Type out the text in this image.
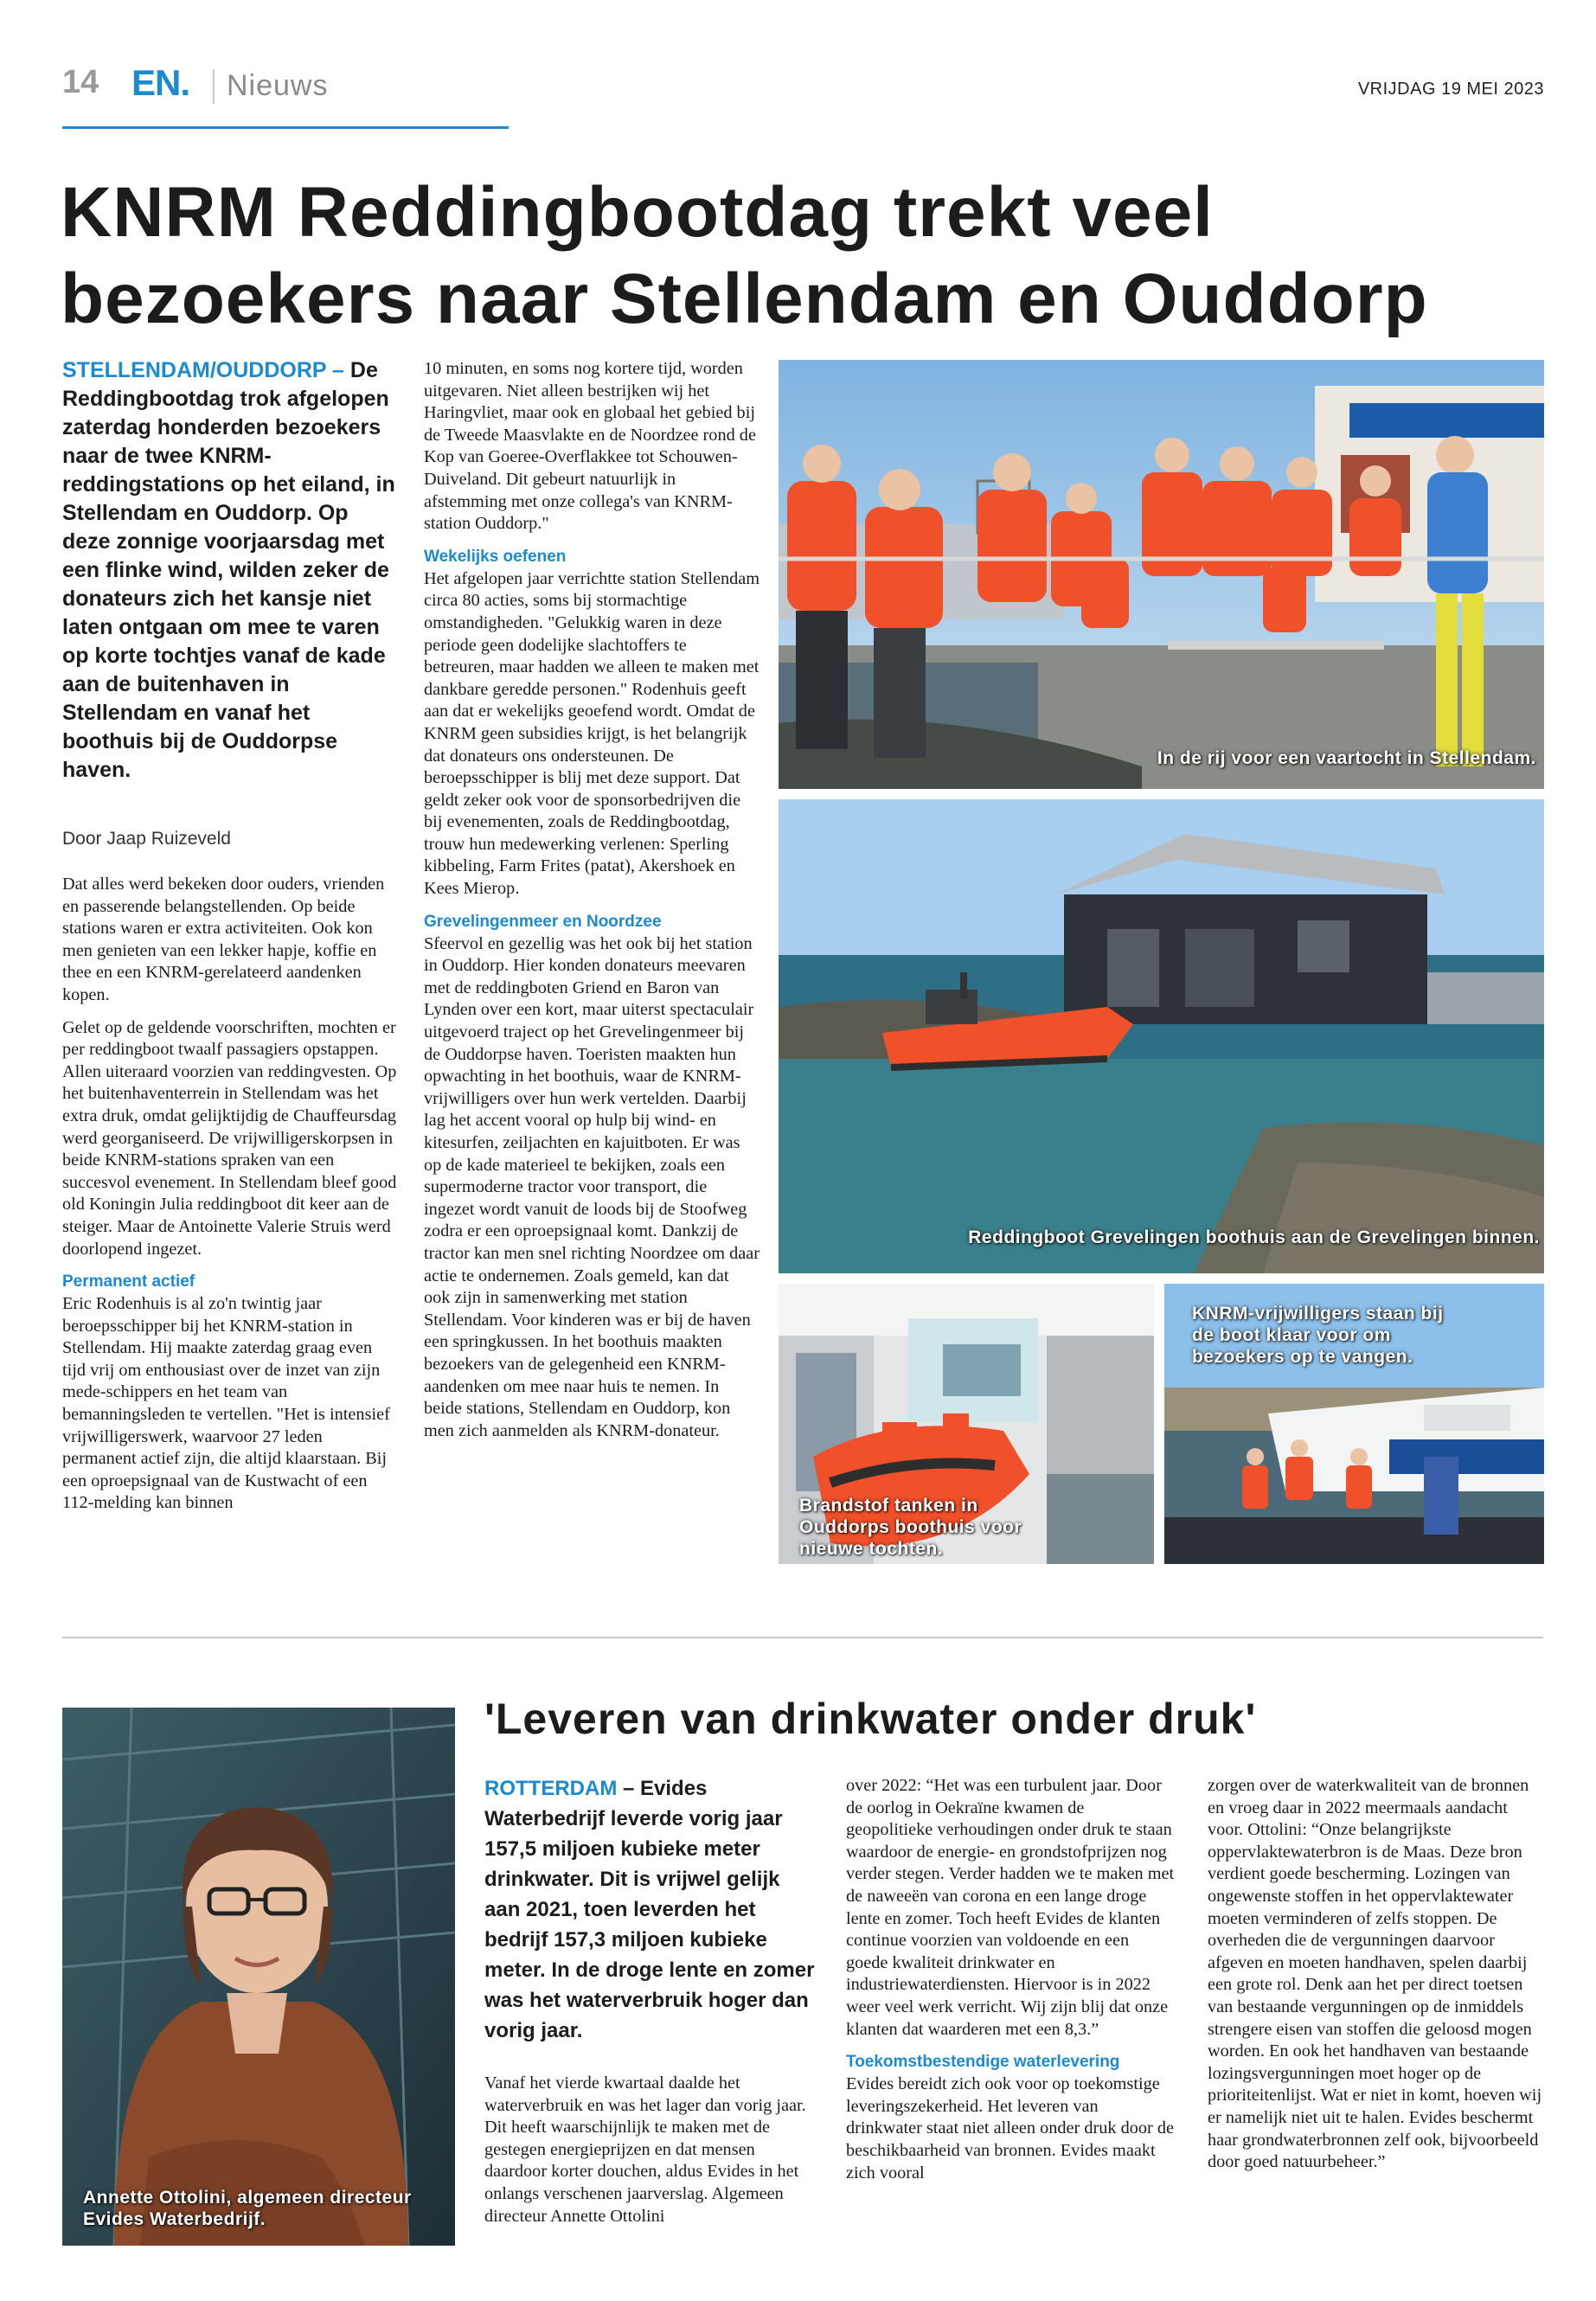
14 EN. Nieuws	VRIJDAG 19 MEI 2023
KNRM Reddingbootdag trekt veel bezoekers naar Stellendam en Ouddorp
STELLENDAM/OUDDORP – De Reddingbootdag trok afgelopen zaterdag honderden bezoekers naar de twee KNRM-reddingstations op het eiland, in Stellendam en Ouddorp. Op deze zonnige voorjaarsdag met een flinke wind, wilden zeker de donateurs zich het kansje niet laten ontgaan om mee te varen op korte tochtjes vanaf de kade aan de buitenhaven in Stellendam en vanaf het boothuis bij de Ouddorpse haven.
Door Jaap Ruizeveld

Dat alles werd bekeken door ouders, vrienden en passerende belangstellenden. Op beide stations waren er extra activiteiten. Ook kon men genieten van een lekker hapje, koffie en thee en een KNRM-gerelateerd aandenken kopen.

Gelet op de geldende voorschriften, mochten er per reddingboot twaalf passagiers opstappen. Allen uiteraard voorzien van reddingvesten. Op het buitenhaventerrein in Stellendam was het extra druk, omdat gelijktijdig de Chauffeursdag werd georganiseerd. De vrijwilligerskorpsen in beide KNRM-stations spraken van een succesvol evenement. In Stellendam bleef good old Koningin Julia reddingboot dit keer aan de steiger. Maar de Antoinette Valerie Struis werd doorlopend ingezet.

Permanent actief

Eric Rodenhuis is al zo'n twintig jaar beroepsschipper bij het KNRM-station in Stellendam. Hij maakte zaterdag graag even tijd vrij om enthousiast over de inzet van zijn mede-schippers en het team van bemanningsleden te vertellen. "Het is intensief vrijwilligerswerk, waarvoor 27 leden permanent actief zijn, die altijd klaarstaan. Bij een oproepsignaal van de Kustwacht of een 112-melding kan binnen

10 minuten, en soms nog kortere tijd, worden uitgevaren. Niet alleen bestrijken wij het Haringvliet, maar ook en globaal het gebied bij de Tweede Maasvlakte en de Noordzee rond de Kop van Goeree-Overflakkee tot Schouwen-Duiveland. Dit gebeurt natuurlijk in afstemming met onze collega's van KNRM-station Ouddorp."

Wekelijks oefenen

Het afgelopen jaar verrichtte station Stellendam circa 80 acties, soms bij stormachtige omstandigheden. "Gelukkig waren in deze periode geen dodelijke slachtoffers te betreuren, maar hadden we alleen te maken met dankbare geredde personen." Rodenhuis geeft aan dat er wekelijks geoefend wordt. Omdat de KNRM geen subsidies krijgt, is het belangrijk dat donateurs ons ondersteunen. De beroepsschipper is blij met deze support. Dat geldt zeker ook voor de sponsorbedrijven die bij evenementen, zoals de Reddingbootdag, trouw hun medewerking verlenen: Sperling kibbeling, Farm Frites (patat), Akershoek en Kees Mierop.

Grevelingenmeer en Noordzee

Sfeervol en gezellig was het ook bij het station in Ouddorp. Hier konden donateurs meevaren met de reddingboten Griend en Baron van Lynden over een kort, maar uiterst spectaculair uitgevoerd traject op het Grevelingenmeer bij de Ouddorpse haven. Toeristen maakten hun opwachting in het boothuis, waar de KNRM-vrijwilligers over hun werk vertelden. Daarbij lag het accent vooral op hulp bij wind- en kitesurfen, zeiljachten en kajuitboten. Er was op de kade materieel te bekijken, zoals een supermoderne tractor voor transport, die ingezet wordt vanuit de loods bij de Stoofweg zodra er een oproepsignaal komt. Dankzij de tractor kan men snel richting Noordzee om daar actie te ondernemen. Zoals gemeld, kan dat ook zijn in samenwerking met station Stellendam. Voor kinderen was er bij de haven een springkussen. In het boothuis maakten bezoekers van de gelegenheid een KNRM-aandenken om mee naar huis te nemen. In beide stations, Stellendam en Ouddorp, kon men zich aanmelden als KNRM-donateur.

In de rij voor een vaartocht in Stellendam.
Reddingboot Grevelingen boothuis aan de Grevelingen binnen.
Brandstof tanken in Ouddorps boothuis voor nieuwe tochten.
KNRM-vrijwilligers staan bij de boot klaar voor om bezoekers op te vangen.
Annette Ottolini, algemeen directeur Evides Waterbedrijf.
'Leveren van drinkwater onder druk'
ROTTERDAM – Evides Waterbedrijf leverde vorig jaar 157,5 miljoen kubieke meter drinkwater. Dit is vrijwel gelijk aan 2021, toen leverden het bedrijf 157,3 miljoen kubieke meter. In de droge lente en zomer was het waterverbruik hoger dan vorig jaar.

Vanaf het vierde kwartaal daalde het waterverbruik en was het lager dan vorig jaar. Dit heeft waarschijnlijk te maken met de gestegen energieprijzen en dat mensen daardoor korter douchen, aldus Evides in het onlangs verschenen jaarverslag. Algemeen directeur Annette Ottolini

over 2022: “Het was een turbulent jaar. Door de oorlog in Oekraïne kwamen de geopolitieke verhoudingen onder druk te staan waardoor de energie- en grondstofprijzen nog verder stegen. Verder hadden we te maken met de naweeën van corona en een lange droge lente en zomer. Toch heeft Evides de klanten continue voorzien van voldoende en een goede kwaliteit drinkwater en industriewaterdiensten. Hiervoor is in 2022 weer veel werk verricht. Wij zijn blij dat onze klanten dat waarderen met een 8,3.”

Toekomstbestendige waterlevering

Evides bereidt zich ook voor op toekomstige leveringszekerheid. Het leveren van drinkwater staat niet alleen onder druk door de beschikbaarheid van bronnen. Evides maakt zich vooral

zorgen over de waterkwaliteit van de bronnen en vroeg daar in 2022 meermaals aandacht voor. Ottolini: “Onze belangrijkste oppervlaktewaterbron is de Maas. Deze bron verdient goede bescherming. Lozingen van ongewenste stoffen in het oppervlaktewater moeten verminderen of zelfs stoppen. De overheden die de vergunningen daarvoor afgeven en moeten handhaven, spelen daarbij een grote rol. Denk aan het per direct toetsen van bestaande vergunningen op de inmiddels strengere eisen van stoffen die geloosd mogen worden. En ook het handhaven van bestaande lozingsvergunningen moet hoger op de prioriteitenlijst. Wat er niet in komt, hoeven wij er namelijk niet uit te halen. Evides beschermt haar grondwaterbronnen zelf ook, bijvoorbeeld door goed natuurbeheer.”
